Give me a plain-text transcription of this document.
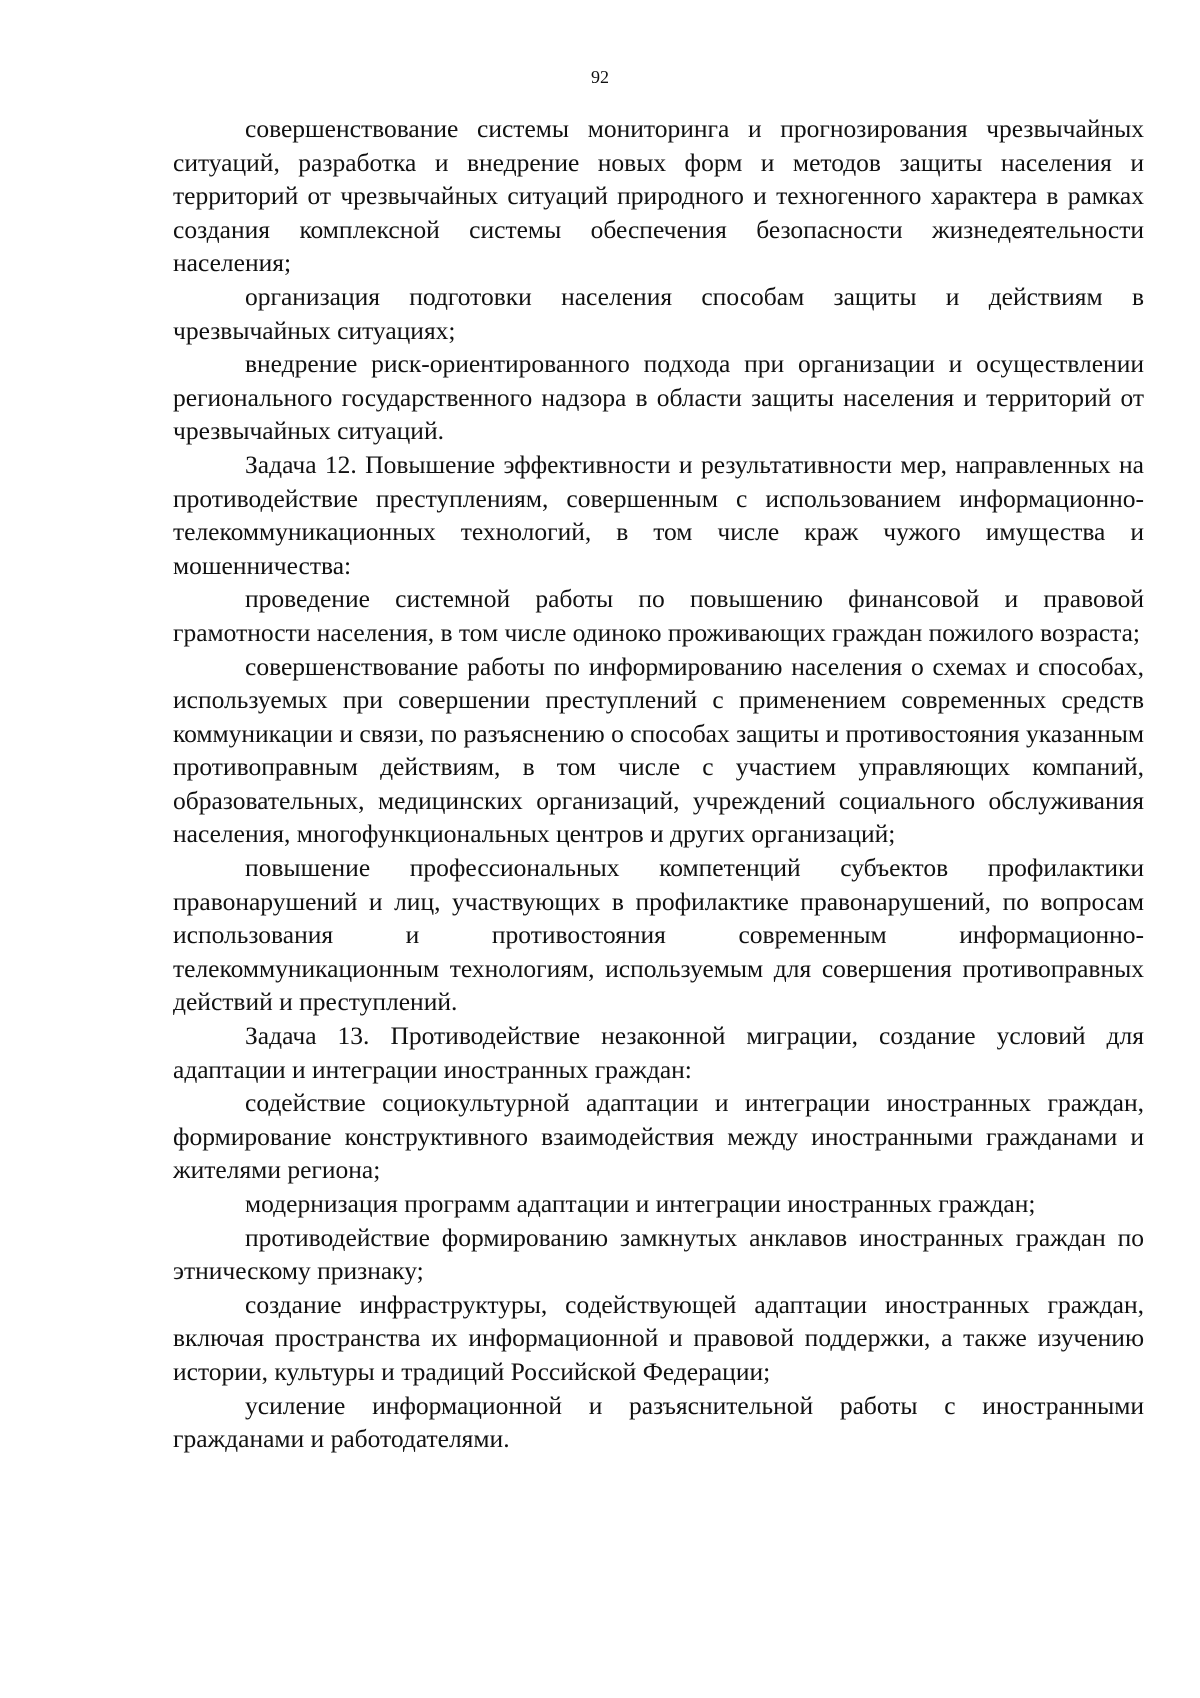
92

совершенствование системы мониторинга и прогнозирования чрезвычайных ситуаций, разработка и внедрение новых форм и методов защиты населения и территорий от чрезвычайных ситуаций природного и техногенного характера в рамках создания комплексной системы обеспечения безопасности жизнедеятельности населения;

организация подготовки населения способам защиты и действиям в чрезвычайных ситуациях;

внедрение риск-ориентированного подхода при организации и осуществлении регионального государственного надзора в области защиты населения и территорий от чрезвычайных ситуаций.

Задача 12. Повышение эффективности и результативности мер, направленных на противодействие преступлениям, совершенным с использованием информационно-телекоммуникационных технологий, в том числе краж чужого имущества и мошенничества:

проведение системной работы по повышению финансовой и правовой грамотности населения, в том числе одиноко проживающих граждан пожилого возраста;

совершенствование работы по информированию населения о схемах и способах, используемых при совершении преступлений с применением современных средств коммуникации и связи, по разъяснению о способах защиты и противостояния указанным противоправным действиям, в том числе с участием управляющих компаний, образовательных, медицинских организаций, учреждений социального обслуживания населения, многофункциональных центров и других организаций;

повышение профессиональных компетенций субъектов профилактики правонарушений и лиц, участвующих в профилактике правонарушений, по вопросам использования и противостояния современным информационно-телекоммуникационным технологиям, используемым для совершения противоправных действий и преступлений.

Задача 13. Противодействие незаконной миграции, создание условий для адаптации и интеграции иностранных граждан:

содействие социокультурной адаптации и интеграции иностранных граждан, формирование конструктивного взаимодействия между иностранными гражданами и жителями региона;

модернизация программ адаптации и интеграции иностранных граждан;

противодействие формированию замкнутых анклавов иностранных граждан по этническому признаку;

создание инфраструктуры, содействующей адаптации иностранных граждан, включая пространства их информационной и правовой поддержки, а также изучению истории, культуры и традиций Российской Федерации;

усиление информационной и разъяснительной работы с иностранными гражданами и работодателями.
